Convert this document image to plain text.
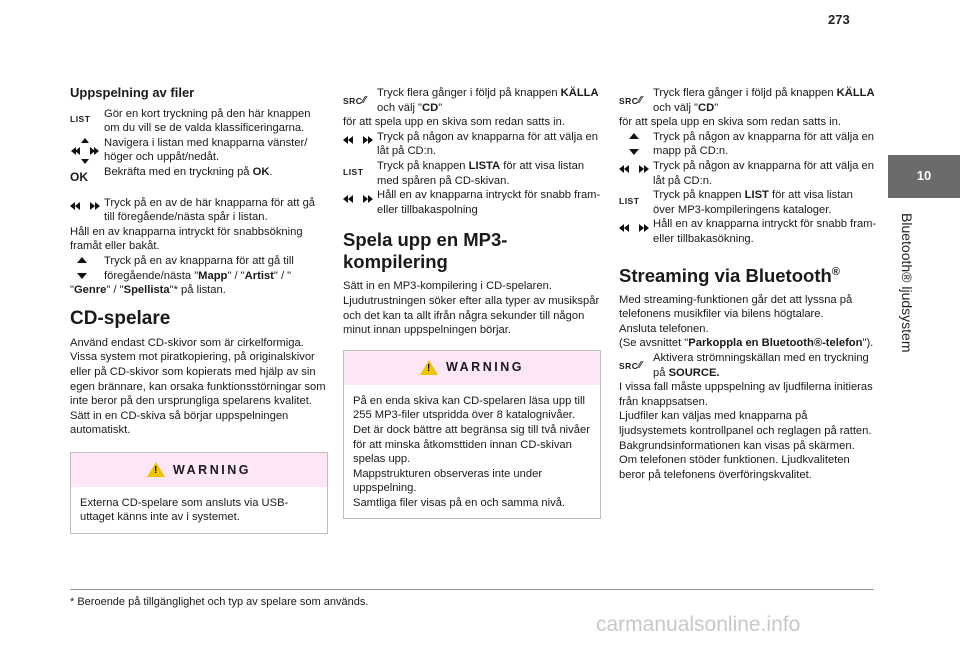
273
10
Bluetooth® ljudsystem
Uppspelning av filer
LIST Gör en kort tryckning på den här knappen om du vill se de valda klassificeringarna.
Navigera i listan med knapparna vänster/ höger och uppåt/nedåt.
OK Bekräfta med en tryckning på OK.
Tryck på en av de här knapparna för att gå till föregående/nästa spår i listan.
Håll en av knapparna intryckt för snabbsökning framåt eller bakåt.
Tryck på en av knapparna för att gå till föregående/nästa "Mapp" / "Artist" / "
"Genre" / "Spellista"* på listan.
CD-spelare
Använd endast CD-skivor som är cirkelformiga. Vissa system mot piratkopiering, på originalskivor eller på CD-skivor som kopierats med hjälp av sin egen brännare, kan orsaka funktionsstörningar som inte beror på den ursprungliga spelarens kvalitet.
Sätt in en CD-skiva så börjar uppspelningen automatiskt.
!
WARNING
Externa CD-spelare som ansluts via USB-uttaget känns inte av i systemet.
SRC ⁄⁄
Tryck flera gånger i följd på knappen KÄLLA och välj "CD"
för att spela upp en skiva som redan satts in.
Tryck på någon av knapparna för att välja en låt på CD:n.
LIST Tryck på knappen LISTA för att visa listan med spåren på CD-skivan.
Håll en av knapparna intryckt för snabb fram- eller tillbakaspolning
Spela upp en MP3-kompilering
Sätt in en MP3-kompilering i CD-spelaren. Ljudutrustningen söker efter alla typer av musikspår och det kan ta allt ifrån några sekunder till någon minut innan uppspelningen börjar.
!
WARNING
På en enda skiva kan CD-spelaren läsa upp till 255 MP3-filer utspridda över 8 katalognivåer.
Det är dock bättre att begränsa sig till två nivåer för att minska åtkomsttiden innan CD-skivan spelas upp.
Mappstrukturen observeras inte under uppspelning.
Samtliga filer visas på en och samma nivå.
SRC ⁄⁄
Tryck flera gånger i följd på knappen KÄLLA och välj "CD"
för att spela upp en skiva som redan satts in.
Tryck på någon av knapparna för att välja en mapp på CD:n.
Tryck på någon av knapparna för att välja en låt på CD:n.
LIST Tryck på knappen LIST för att visa listan över MP3-kompileringens kataloger.
Håll en av knapparna intryckt för snabb fram- eller tillbakasökning.
Streaming via Bluetooth®
Med streaming-funktionen går det att lyssna på telefonens musikfiler via bilens högtalare.
Ansluta telefonen.
(Se avsnittet "Parkoppla en Bluetooth®-telefon").
SRC ⁄⁄
Aktivera strömningskällan med en tryckning på SOURCE.
I vissa fall måste uppspelning av ljudfilerna initieras från knappsatsen.
Ljudfiler kan väljas med knapparna på ljudsystemets kontrollpanel och reglagen på ratten. Bakgrundsinformationen kan visas på skärmen.
Om telefonen stöder funktionen. Ljudkvaliteten beror på telefonens överföringskvalitet.
* Beroende på tillgänglighet och typ av spelare som används.
carmanualsonline.info
